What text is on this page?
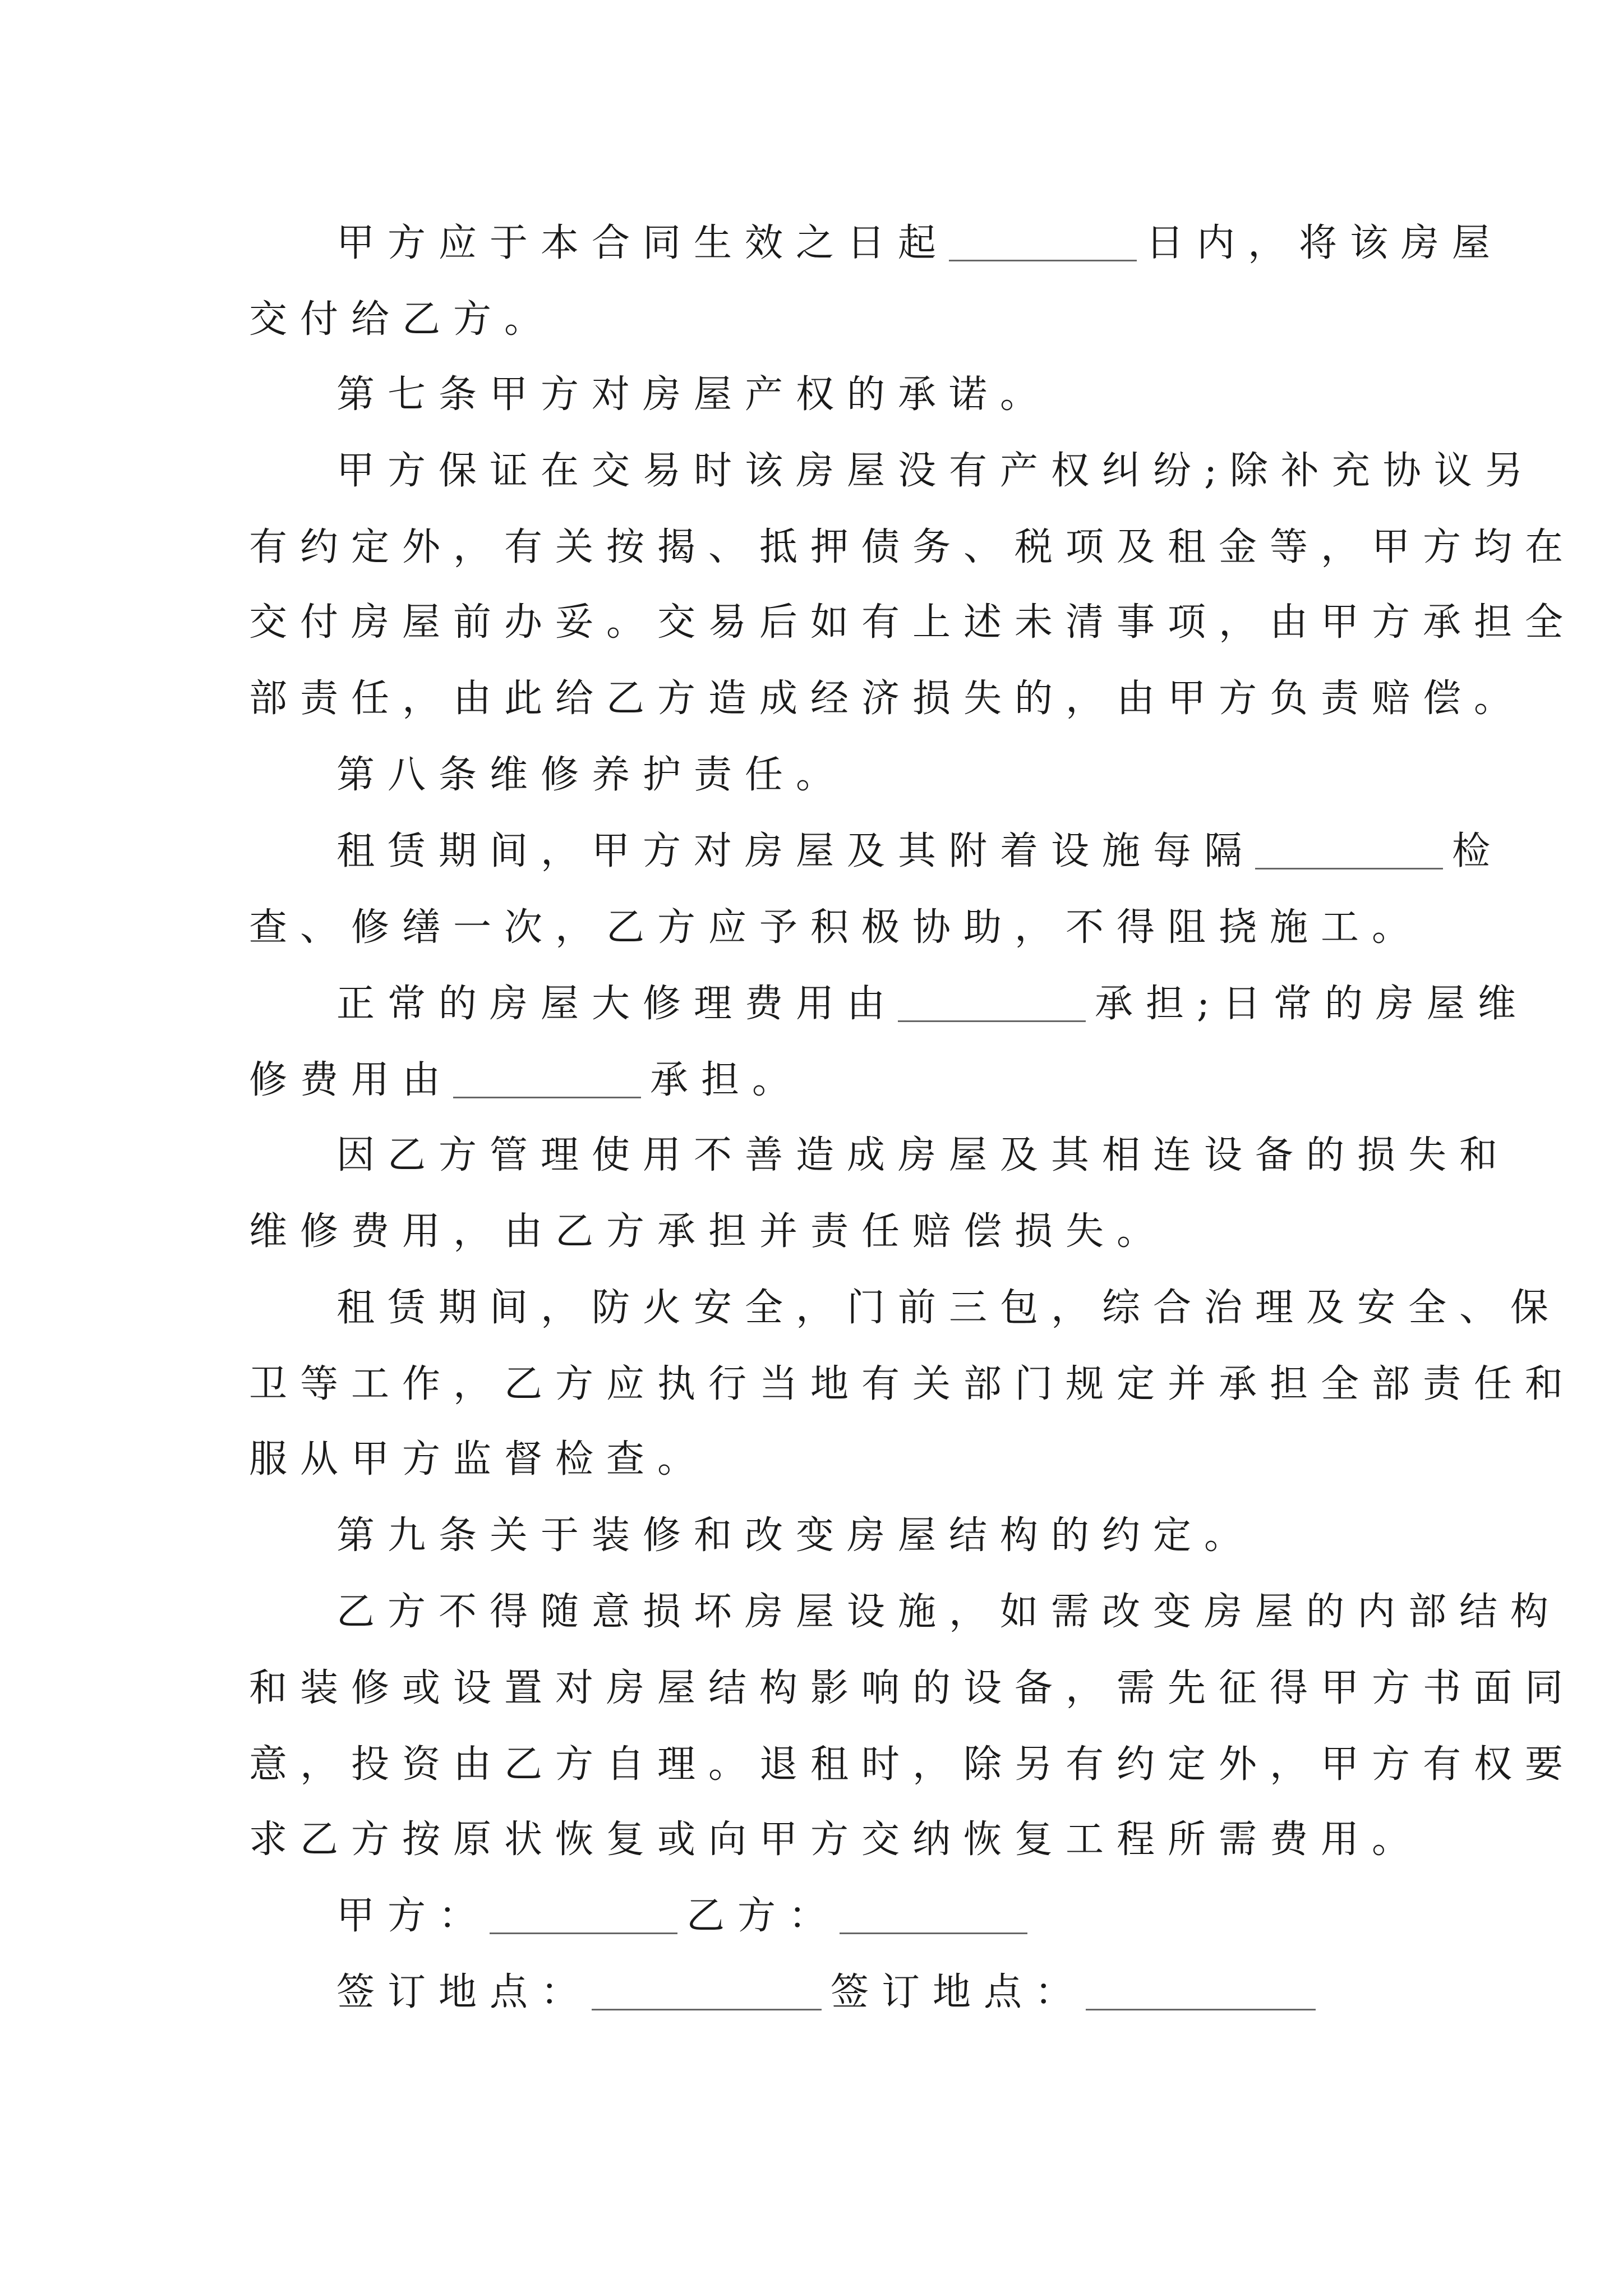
甲方应于本合同生效之日起	日内，将该房屋
交付给乙方。
第七条甲方对房屋产权的承诺。
甲方保证在交易时该房屋没有产权纠纷;除补充协议另
有约定外，有关按揭、抵押债务、税项及租金等，甲方均在
交付房屋前办妥。交易后如有上述未清事项，由甲方承担全
部责任，由此给乙方造成经济损失的，由甲方负责赔偿。
第八条维修养护责任。
租赁期间，甲方对房屋及其附着设施每隔	检
查、修缮一次，乙方应予积极协助，不得阻挠施工。
正常的房屋大修理费用由	承担;日常的房屋维
修费用由	承担。
因乙方管理使用不善造成房屋及其相连设备的损失和
维修费用，由乙方承担并责任赔偿损失。
租赁期间，防火安全，门前三包，综合治理及安全、保
卫等工作，乙方应执行当地有关部门规定并承担全部责任和
服从甲方监督检查。
第九条关于装修和改变房屋结构的约定。
乙方不得随意损坏房屋设施，如需改变房屋的内部结构
和装修或设置对房屋结构影响的设备，需先征得甲方书面同
意，投资由乙方自理。退租时，除另有约定外，甲方有权要
求乙方按原状恢复或向甲方交纳恢复工程所需费用。
甲方：	乙方：
签订地点：	签订地点：
